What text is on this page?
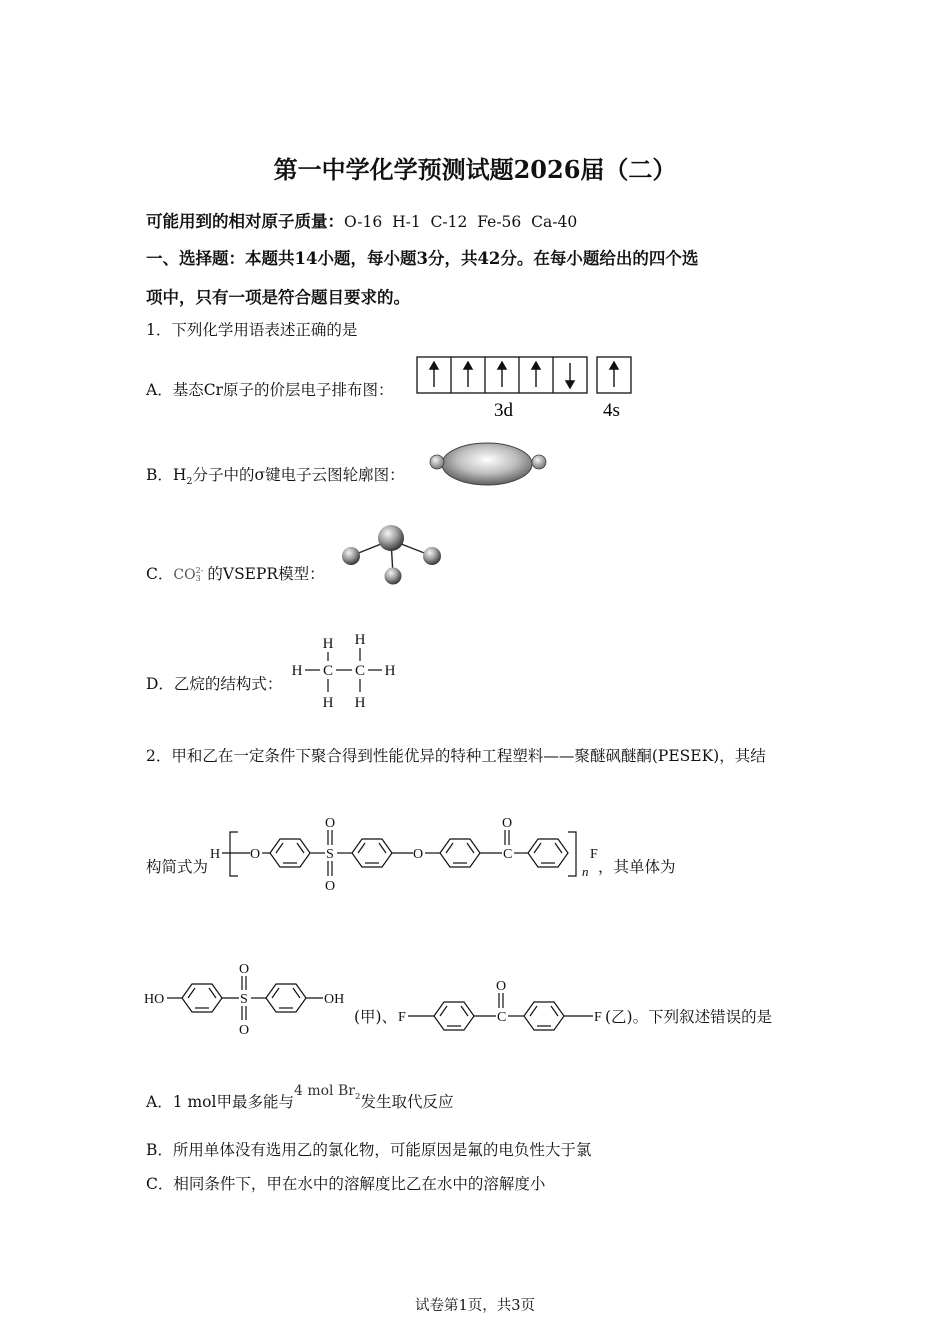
第一中学化学预测试题2026届（二）
可能用到的相对原子质量：O-16  H-1  C-12  Fe-56  Ca-40
一、选择题：本题共14小题，每小题3分，共42分。在每小题给出的四个选
项中，只有一项是符合题目要求的。
1．下列化学用语表述正确的是
A．基态Cr原子的价层电子排布图：
3d	4s
B．$H_2$分子中的σ键电子云图轮廓图：
C．CO 2-
3 的VSEPR模型：
D．乙烷的结构式：
H H
H C C H
H H
2．甲和乙在一定条件下聚合得到性能优异的特种工程塑料——聚醚砜醚酮(PESEK)，其结
构简式为
H O	S
O
O
O	C
O
F
n ，其单体为
HO	S
O
O
OH
(甲)、 F	C
O
F (乙)。下列叙述错误的是
A．1 mol甲最多能与4 mol $Br_2$发生取代反应
B．所用单体没有选用乙的氯化物，可能原因是氟的电负性大于氯
C．相同条件下，甲在水中的溶解度比乙在水中的溶解度小
试卷第1页，共3页
